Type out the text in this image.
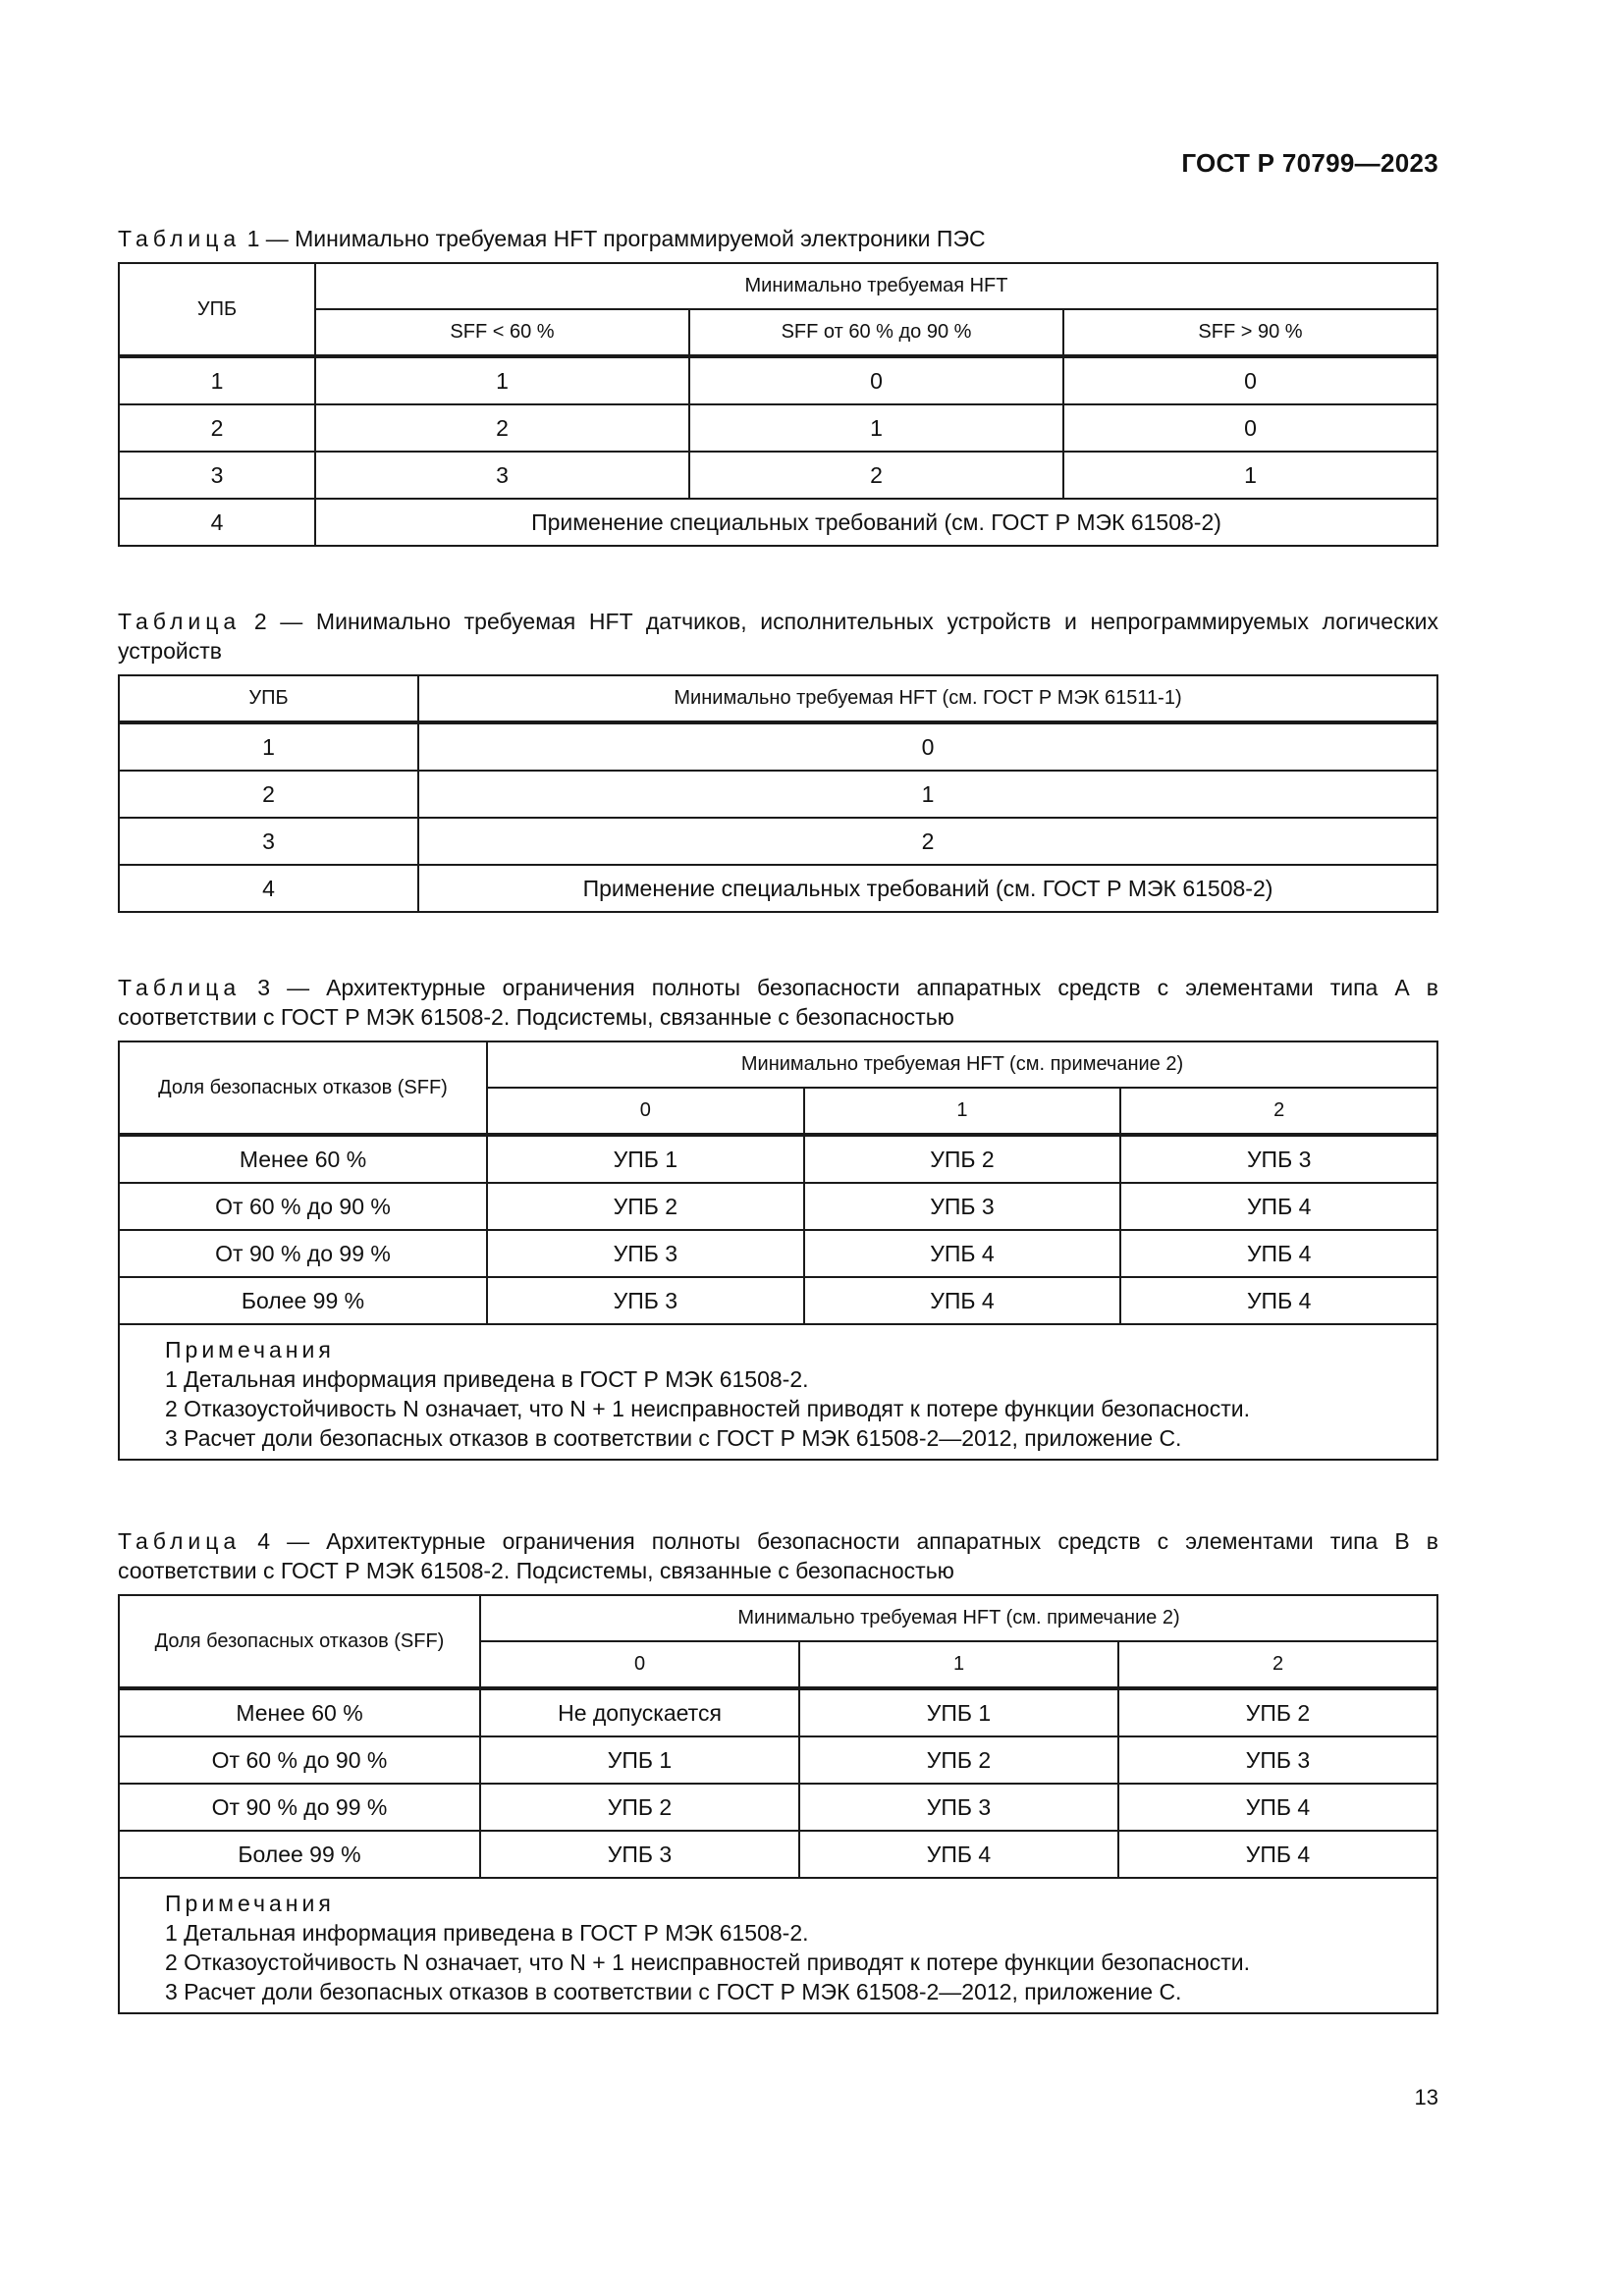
ГОСТ Р 70799—2023

Таблица 1 — Минимально требуемая HFT программируемой электроники ПЭС

УПБ	Минимально требуемая HFT		
	SFF < 60 %	SFF от 60 % до 90 %	SFF > 90 %
1	1	0	0
2	2	1	0
3	3	2	1
4	Применение специальных требований (см. ГОСТ Р МЭК 61508-2)		

Таблица 2 — Минимально требуемая HFT датчиков, исполнительных устройств и непрограммируемых логических устройств

УПБ	Минимально требуемая HFT (см. ГОСТ Р МЭК 61511-1)
1	0
2	1
3	2
4	Применение специальных требований (см. ГОСТ Р МЭК 61508-2)

Таблица 3 — Архитектурные ограничения полноты безопасности аппаратных средств с элементами типа А в соответствии с ГОСТ Р МЭК 61508-2. Подсистемы, связанные с безопасностью

Доля безопасных отказов (SFF)	Минимально требуемая HFT (см. примечание 2)		
	0	1	2
Менее 60 %	УПБ 1	УПБ 2	УПБ 3
От 60 % до 90 %	УПБ 2	УПБ 3	УПБ 4
От 90 % до 99 %	УПБ 3	УПБ 4	УПБ 4
Более 99 %	УПБ 3	УПБ 4	УПБ 4

Примечания
1 Детальная информация приведена в ГОСТ Р МЭК 61508-2.
2 Отказоустойчивость N означает, что N + 1 неисправностей приводят к потере функции безопасности.
3 Расчет доли безопасных отказов в соответствии с ГОСТ Р МЭК 61508-2—2012, приложение С.			

Таблица 4 — Архитектурные ограничения полноты безопасности аппаратных средств с элементами типа В в соответствии с ГОСТ Р МЭК 61508-2. Подсистемы, связанные с безопасностью

Доля безопасных отказов (SFF)	Минимально требуемая HFT (см. примечание 2)		
	0	1	2
Менее 60 %	Не допускается	УПБ 1	УПБ 2
От 60 % до 90 %	УПБ 1	УПБ 2	УПБ 3
От 90 % до 99 %	УПБ 2	УПБ 3	УПБ 4
Более 99 %	УПБ 3	УПБ 4	УПБ 4

Примечания
1 Детальная информация приведена в ГОСТ Р МЭК 61508-2.
2 Отказоустойчивость N означает, что N + 1 неисправностей приводят к потере функции безопасности.
3 Расчет доли безопасных отказов в соответствии с ГОСТ Р МЭК 61508-2—2012, приложение С.			
13
